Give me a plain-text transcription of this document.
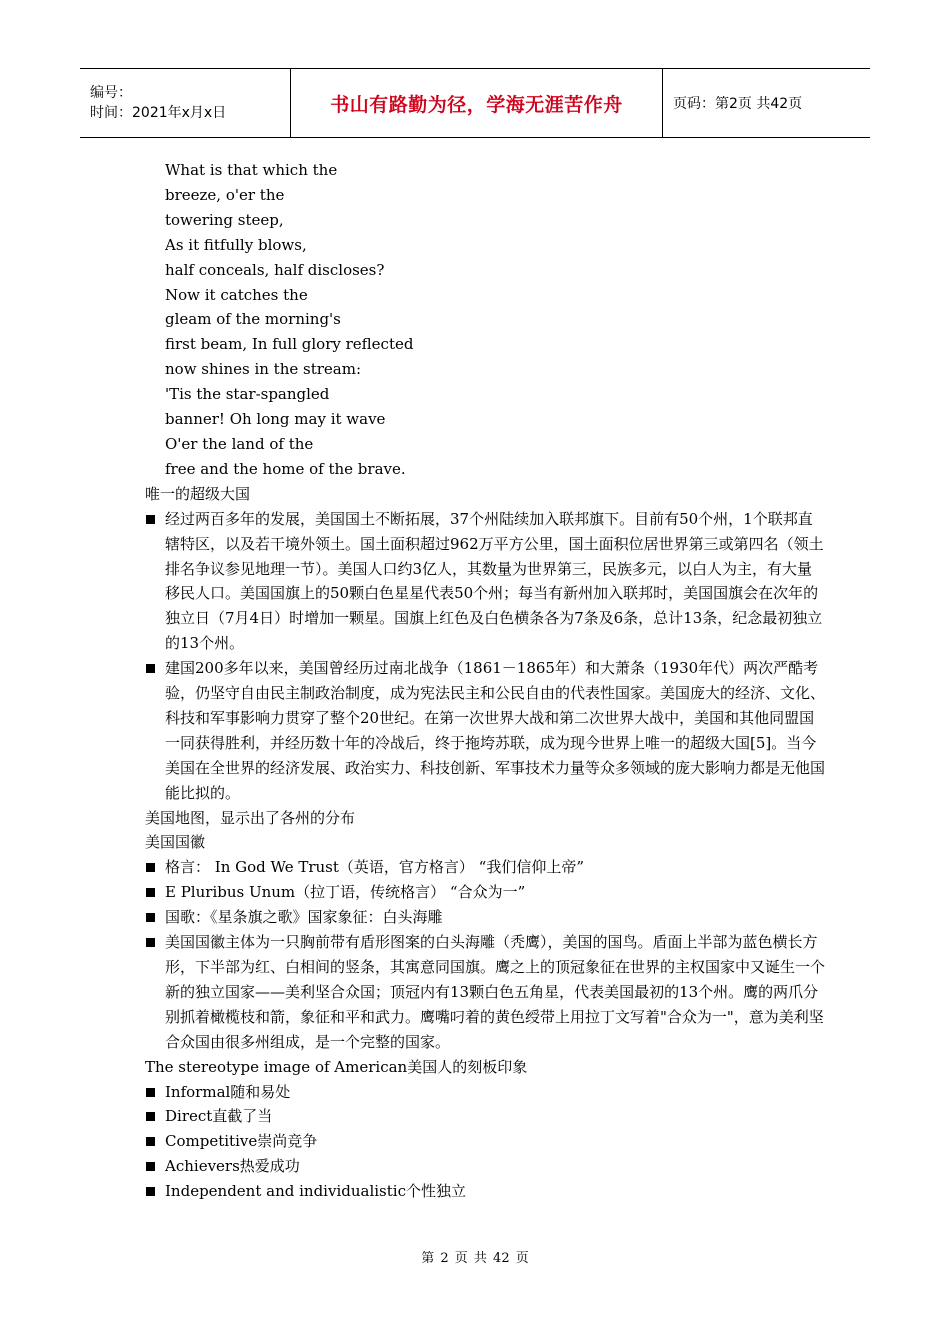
编号：
时间：2021年x月x日	书山有路勤为径，学海无涯苦作舟	页码：第2页 共42页
What is that which the
breeze, o'er the
towering steep,
As it fitfully blows,
half conceals, half discloses?
Now it catches the
gleam of the morning's
first beam, In full glory reflected
now shines in the stream:
'Tis the star-spangled
banner! Oh long may it wave
O'er the land of the
free and the home of the brave.
唯一的超级大国
经过两百多年的发展，美国国土不断拓展，37个州陆续加入联邦旗下。目前有50个州，1个联邦直辖特区，以及若干境外领土。国土面积超过962万平方公里，国土面积位居世界第三或第四名（领土排名争议参见地理一节）。美国人口约3亿人，其数量为世界第三，民族多元，以白人为主，有大量移民人口。美国国旗上的50颗白色星星代表50个州；每当有新州加入联邦时，美国国旗会在次年的独立日（7月4日）时增加一颗星。国旗上红色及白色横条各为7条及6条，总计13条，纪念最初独立的13个州。
建国200多年以来，美国曾经历过南北战争（1861－1865年）和大萧条（1930年代）两次严酷考验，仍坚守自由民主制政治制度，成为宪法民主和公民自由的代表性国家。美国庞大的经济、文化、科技和军事影响力贯穿了整个20世纪。在第一次世界大战和第二次世界大战中，美国和其他同盟国一同获得胜利，并经历数十年的冷战后，终于拖垮苏联，成为现今世界上唯一的超级大国[5]。当今美国在全世界的经济发展、政治实力、科技创新、军事技术力量等众多领域的庞大影响力都是无他国能比拟的。
美国地图，显示出了各州的分布
美国国徽
格言： In God We Trust（英语，官方格言） “我们信仰上帝”
E Pluribus Unum（拉丁语，传统格言） “合众为一”
国歌：《星条旗之歌》国家象征：白头海雕
美国国徽主体为一只胸前带有盾形图案的白头海雕（秃鹰），美国的国鸟。盾面上半部为蓝色横长方形，下半部为红、白相间的竖条，其寓意同国旗。鹰之上的顶冠象征在世界的主权国家中又诞生一个新的独立国家——美利坚合众国；顶冠内有13颗白色五角星，代表美国最初的13个州。鹰的两爪分别抓着橄榄枝和箭，象征和平和武力。鹰嘴叼着的黄色绶带上用拉丁文写着"合众为一"，意为美利坚合众国由很多州组成，是一个完整的国家。
The stereotype image of American美国人的刻板印象
Informal随和易处
Direct直截了当
Competitive崇尚竞争
Achievers热爱成功
Independent and individualistic个性独立
第 2 页 共 42 页
